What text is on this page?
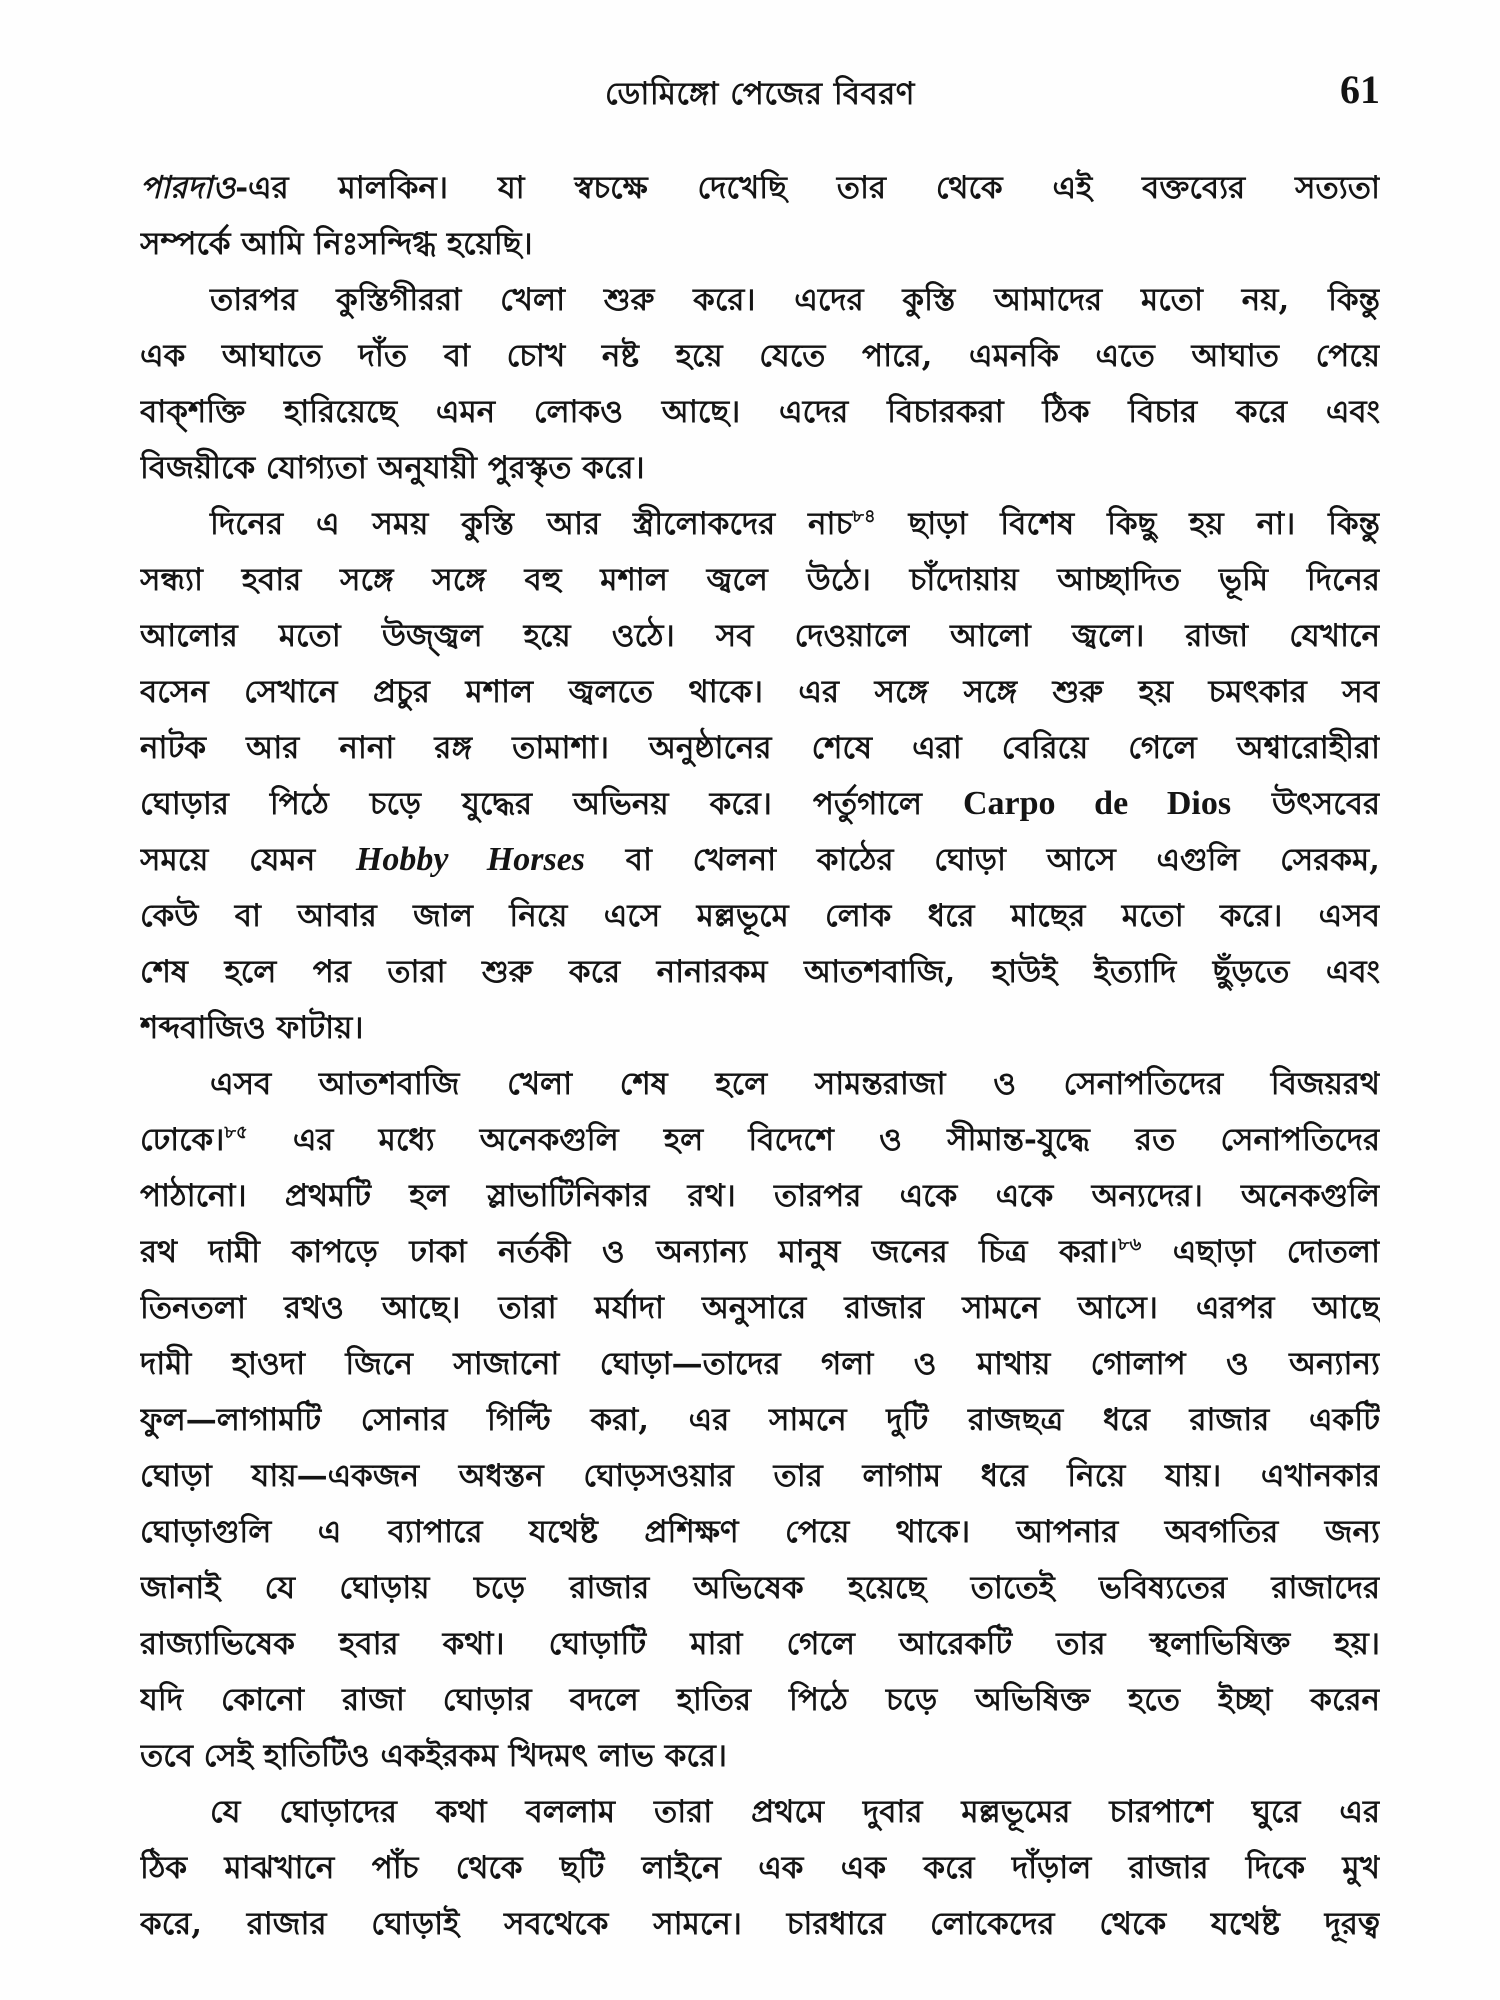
ডোমিঙ্গো পেজের বিবরণ	61
পারদাও-এর মালকিন। যা স্বচক্ষে দেখেছি তার থেকে এই বক্তব্যের সত্যতা
সম্পর্কে আমি নিঃসন্দিগ্ধ হয়েছি।
তারপর কুস্তিগীররা খেলা শুরু করে। এদের কুস্তি আমাদের মতো নয়, কিন্তু
এক আঘাতে দাঁত বা চোখ নষ্ট হয়ে যেতে পারে, এমনকি এতে আঘাত পেয়ে
বাক্‌শক্তি হারিয়েছে এমন লোকও আছে। এদের বিচারকরা ঠিক বিচার করে এবং
বিজয়ীকে যোগ্যতা অনুযায়ী পুরস্কৃত করে।
দিনের এ সময় কুস্তি আর স্ত্রীলোকদের নাচ$^{৮৪}$ ছাড়া বিশেষ কিছু হয় না। কিন্তু
সন্ধ্যা হবার সঙ্গে সঙ্গে বহু মশাল জ্বলে উঠে। চাঁদোয়ায় আচ্ছাদিত ভূমি দিনের
আলোর মতো উজ্জ্বল হয়ে ওঠে। সব দেওয়ালে আলো জ্বলে। রাজা যেখানে
বসেন সেখানে প্রচুর মশাল জ্বলতে থাকে। এর সঙ্গে সঙ্গে শুরু হয় চমৎকার সব
নাটক আর নানা রঙ্গ তামাশা। অনুষ্ঠানের শেষে এরা বেরিয়ে গেলে অশ্বারোহীরা
ঘোড়ার পিঠে চড়ে যুদ্ধের অভিনয় করে। পর্তুগালে Carpo de Dios উৎসবের
সময়ে যেমন Hobby Horses বা খেলনা কাঠের ঘোড়া আসে এগুলি সেরকম,
কেউ বা আবার জাল নিয়ে এসে মল্লভূমে লোক ধরে মাছের মতো করে। এসব
শেষ হলে পর তারা শুরু করে নানারকম আতশবাজি, হাউই ইত্যাদি ছুঁড়তে এবং
শব্দবাজিও ফাটায়।
এসব আতশবাজি খেলা শেষ হলে সামন্তরাজা ও সেনাপতিদের বিজয়রথ
ঢোকে।$^{৮৫}$ এর মধ্যে অনেকগুলি হল বিদেশে ও সীমান্ত-যুদ্ধে রত সেনাপতিদের
পাঠানো। প্রথমটি হল স্লাভাটিনিকার রথ। তারপর একে একে অন্যদের। অনেকগুলি
রথ দামী কাপড়ে ঢাকা নর্তকী ও অন্যান্য মানুষ জনের চিত্র করা।$^{৮৬}$ এছাড়া দোতলা
তিনতলা রথও আছে। তারা মর্যাদা অনুসারে রাজার সামনে আসে। এরপর আছে
দামী হাওদা জিনে সাজানো ঘোড়া—তাদের গলা ও মাথায় গোলাপ ও অন্যান্য
ফুল—লাগামটি সোনার গিল্টি করা, এর সামনে দুটি রাজছত্র ধরে রাজার একটি
ঘোড়া যায়—একজন অধস্তন ঘোড়সওয়ার তার লাগাম ধরে নিয়ে যায়। এখানকার
ঘোড়াগুলি এ ব্যাপারে যথেষ্ট প্রশিক্ষণ পেয়ে থাকে। আপনার অবগতির জন্য
জানাই যে ঘোড়ায় চড়ে রাজার অভিষেক হয়েছে তাতেই ভবিষ্যতের রাজাদের
রাজ্যাভিষেক হবার কথা। ঘোড়াটি মারা গেলে আরেকটি তার স্থলাভিষিক্ত হয়।
যদি কোনো রাজা ঘোড়ার বদলে হাতির পিঠে চড়ে অভিষিক্ত হতে ইচ্ছা করেন
তবে সেই হাতিটিও একইরকম খিদমৎ লাভ করে।
যে ঘোড়াদের কথা বললাম তারা প্রথমে দুবার মল্লভূমের চারপাশে ঘুরে এর
ঠিক মাঝখানে পাঁচ থেকে ছটি লাইনে এক এক করে দাঁড়াল রাজার দিকে মুখ
করে, রাজার ঘোড়াই সবথেকে সামনে। চারধারে লোকেদের থেকে যথেষ্ট দূরত্ব
